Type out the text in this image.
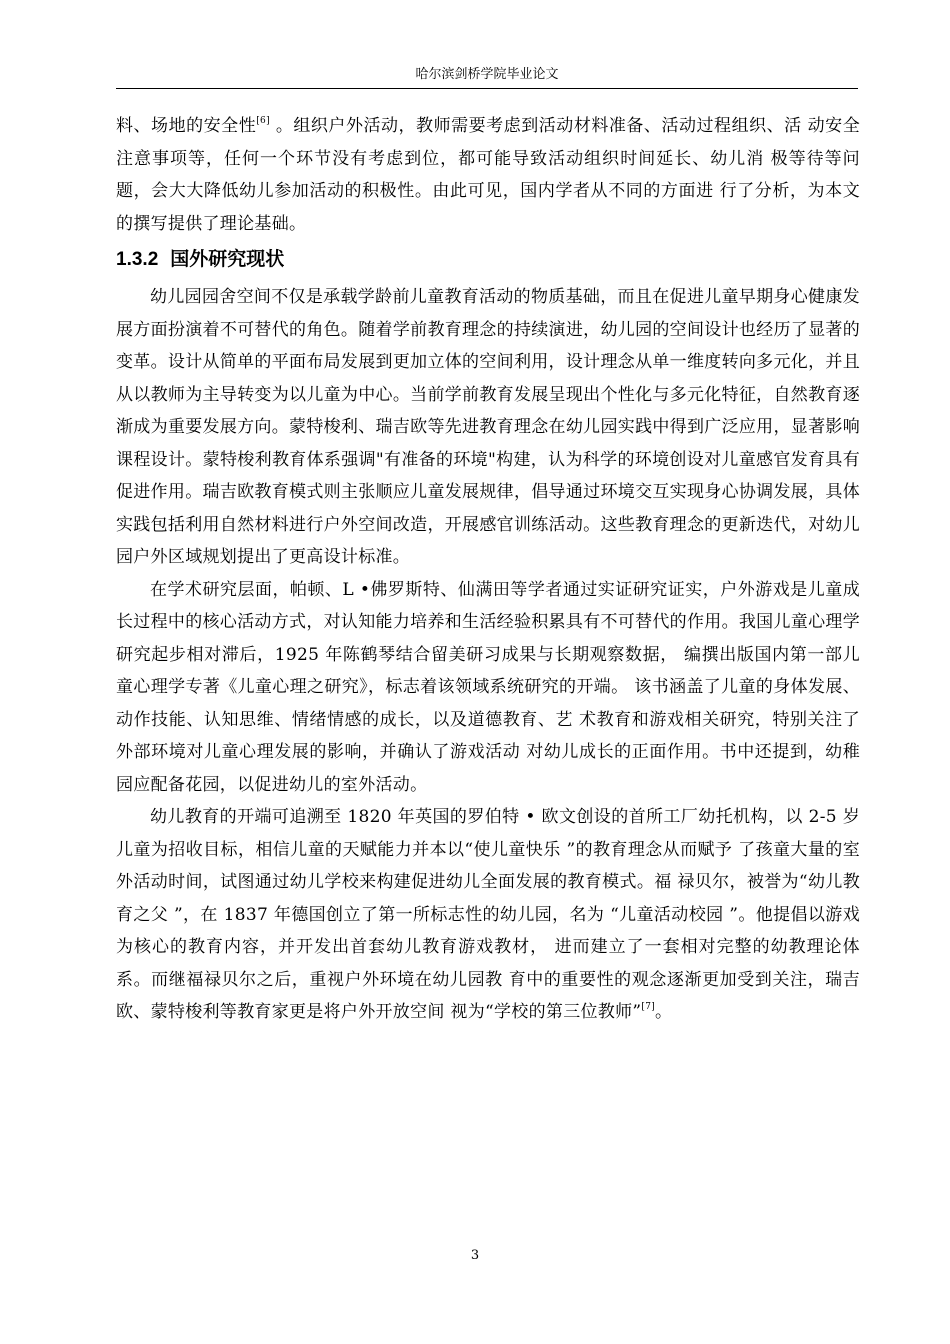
哈尔滨剑桥学院毕业论文

料、场地的安全性[6] 。组织户外活动，教师需要考虑到活动材料准备、活动过程组织、活 动安全注意事项等，任何一个环节没有考虑到位，都可能导致活动组织时间延长、幼儿消 极等待等问题，会大大降低幼儿参加活动的积极性。由此可见，国内学者从不同的方面进 行了分析，为本文的撰写提供了理论基础。

1.3.2 国外研究现状

幼儿园园舍空间不仅是承载学龄前儿童教育活动的物质基础，而且在促进儿童早期身心健康发展方面扮演着不可替代的角色。随着学前教育理念的持续演进，幼儿园的空间设计也经历了显著的变革。设计从简单的平面布局发展到更加立体的空间利用，设计理念从单一维度转向多元化，并且从以教师为主导转变为以儿童为中心。当前学前教育发展呈现出个性化与多元化特征，自然教育逐渐成为重要发展方向。蒙特梭利、瑞吉欧等先进教育理念在幼儿园实践中得到广泛应用，显著影响课程设计。蒙特梭利教育体系强调"有准备的环境"构建，认为科学的环境创设对儿童感官发育具有促进作用。瑞吉欧教育模式则主张顺应儿童发展规律，倡导通过环境交互实现身心协调发展，具体实践包括利用自然材料进行户外空间改造，开展感官训练活动。这些教育理念的更新迭代，对幼儿园户外区域规划提出了更高设计标准。

在学术研究层面，帕顿、L •佛罗斯特、仙满田等学者通过实证研究证实，户外游戏是儿童成长过程中的核心活动方式，对认知能力培养和生活经验积累具有不可替代的作用。我国儿童心理学研究起步相对滞后，1925 年陈鹤琴结合留美研习成果与长期观察数据， 编撰出版国内第一部儿童心理学专著《儿童心理之研究》，标志着该领域系统研究的开端。 该书涵盖了儿童的身体发展、动作技能、认知思维、情绪情感的成长，以及道德教育、艺 术教育和游戏相关研究，特别关注了外部环境对儿童心理发展的影响，并确认了游戏活动 对幼儿成长的正面作用。书中还提到，幼稚园应配备花园，以促进幼儿的室外活动。

幼儿教育的开端可追溯至 1820 年英国的罗伯特 • 欧文创设的首所工厂幼托机构，以 2-5 岁儿童为招收目标，相信儿童的天赋能力并本以“使儿童快乐 ”的教育理念从而赋予 了孩童大量的室外活动时间，试图通过幼儿学校来构建促进幼儿全面发展的教育模式。福 禄贝尔，被誉为“幼儿教育之父 ”，在 1837 年德国创立了第一所标志性的幼儿园，名为 “儿童活动校园 ”。他提倡以游戏为核心的教育内容，并开发出首套幼儿教育游戏教材， 进而建立了一套相对完整的幼教理论体系。而继福禄贝尔之后，重视户外环境在幼儿园教 育中的重要性的观念逐渐更加受到关注，瑞吉欧、蒙特梭利等教育家更是将户外开放空间 视为“学校的第三位教师”[7]。

3
